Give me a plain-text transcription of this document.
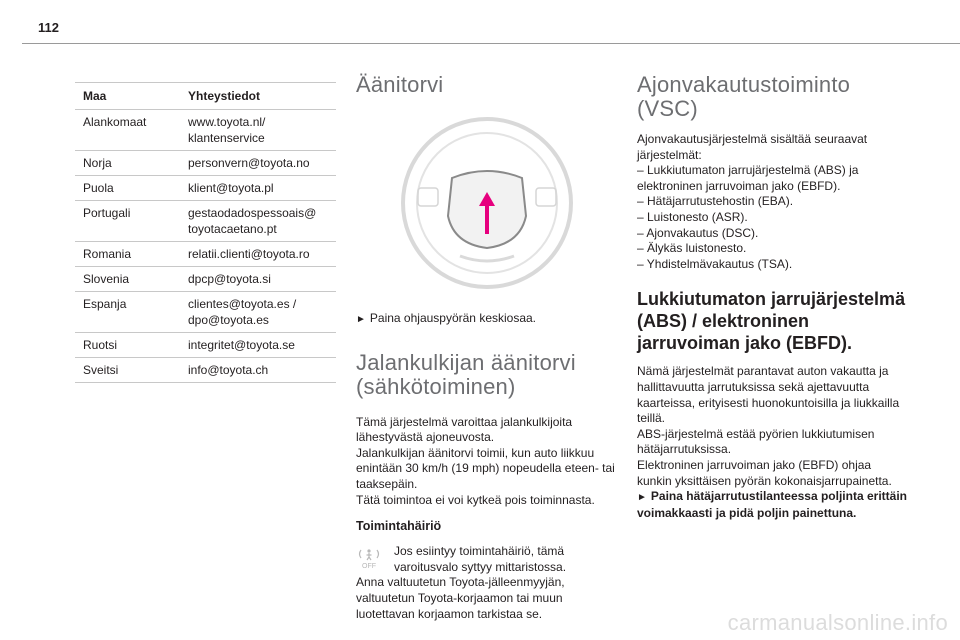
112
Maa	Yhteystiedot
Alankomaat	www.toyota.nl/
klantenservice
Norja	personvern@toyota.no
Puola	klient@toyota.pl
Portugali	gestaodadospessoais@
toyotacaetano.pt
Romania	relatii.clienti@toyota.ro
Slovenia	dpcp@toyota.si
Espanja	clientes@toyota.es /
dpo@toyota.es
Ruotsi	integritet@toyota.se
Sveitsi	info@toyota.ch
Äänitorvi

► Paina ohjauspyörän keskiosaa.

Jalankulkijan äänitorvi
(sähkötoiminen)

Tämä järjestelmä varoittaa jalankulkijoita lähestyvästä ajoneuvosta.

Jalankulkijan äänitorvi toimii, kun auto liikkuu enintään 30 km/h (19 mph) nopeudella eteen- tai taaksepäin.

Tätä toimintoa ei voi kytkeä pois toiminnasta.

Toimintahäiriö

OFF

Jos esiintyy toimintahäiriö, tämä varoitusvalo syttyy mittaristossa.

Anna valtuutetun Toyota-jälleenmyyjän, valtuutetun Toyota-korjaamon tai muun luotettavan korjaamon tarkistaa se.

Ajonvakautustoiminto
(VSC)

Ajonvakautusjärjestelmä sisältää seuraavat järjestelmät:

– Lukkiutumaton jarrujärjestelmä (ABS) ja elektroninen jarruvoiman jako (EBFD).

– Hätäjarrutustehostin (EBA).

– Luistonesto (ASR).

– Ajonvakautus (DSC).

– Älykäs luistonesto.

– Yhdistelmävakautus (TSA).

Lukkiutumaton jarrujärjestelmä (ABS) / elektroninen jarruvoiman jako (EBFD).

Nämä järjestelmät parantavat auton vakautta ja hallittavuutta jarrutuksissa sekä ajettavuutta kaarteissa, erityisesti huonokuntoisilla ja liukkailla teillä.

ABS-järjestelmä estää pyörien lukkiutumisen hätäjarrutuksissa.

Elektroninen jarruvoiman jako (EBFD) ohjaa kunkin yksittäisen pyörän kokonaisjarrupainetta.

► Paina hätäjarrutustilanteessa poljinta erittäin voimakkaasti ja pidä poljin painettuna.

carmanualsonline.info
